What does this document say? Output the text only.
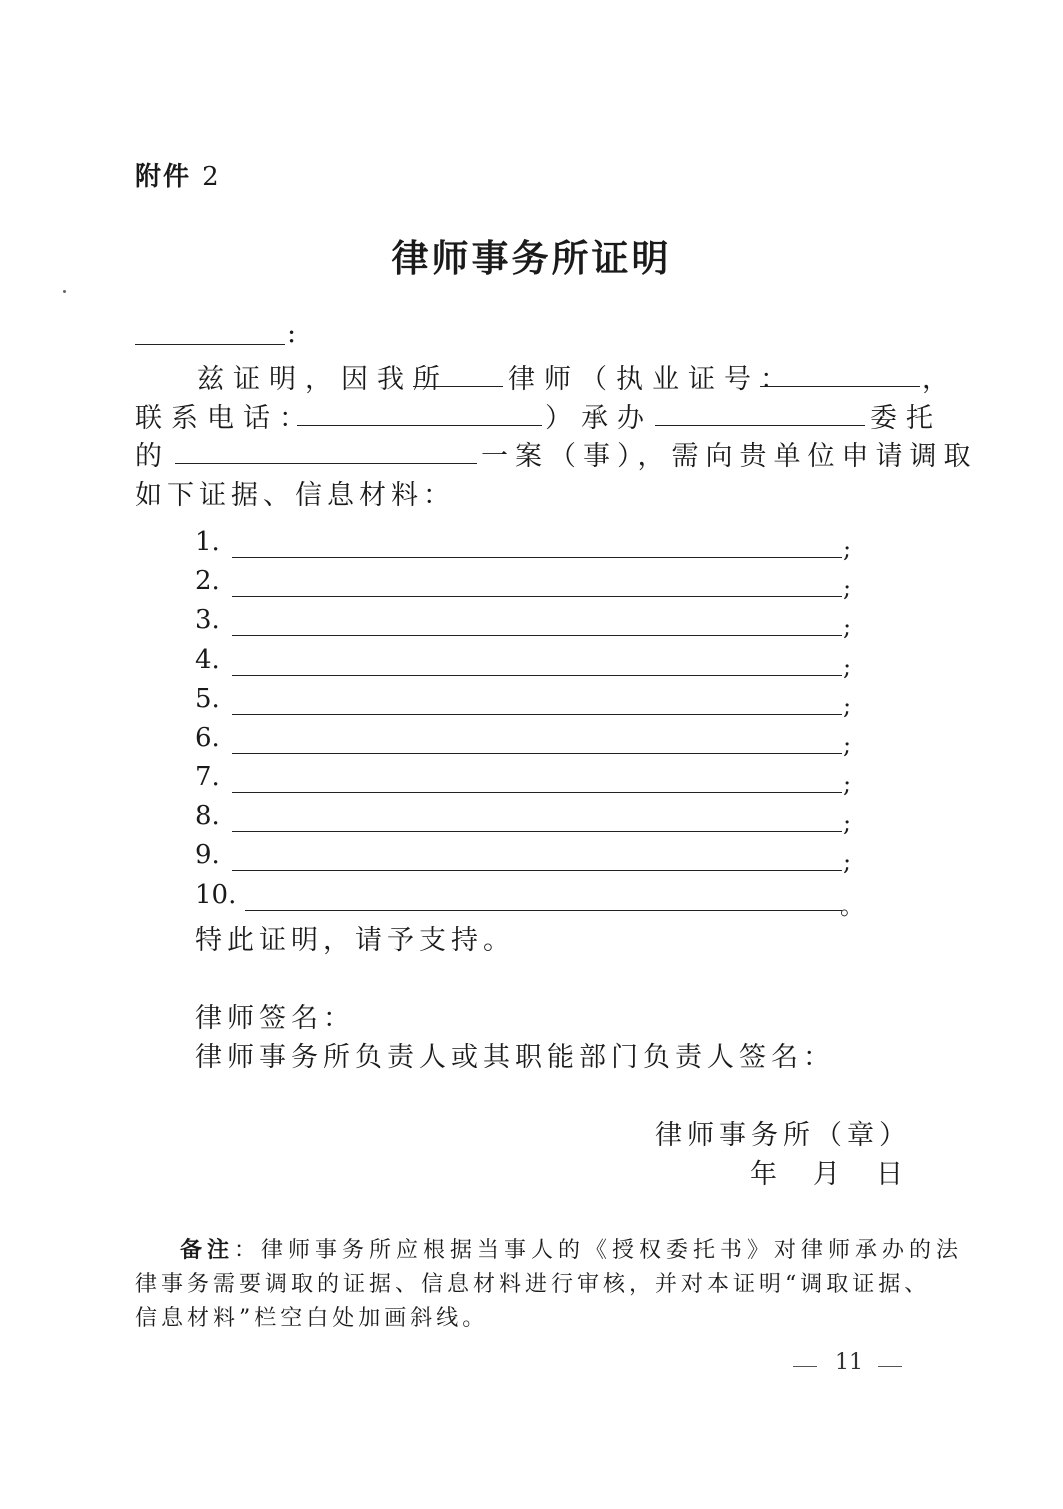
附件 2
律师事务所证明
:
兹证明，因我所 律师（执业证号：	，
联系电话：	）承办	委托
的	一案（事），需向贵单位申请调取
如下证据、信息材料：
1.	;
2.	;
3.	;
4.	;
5.	;
6.	;
7.	;
8.	;
9.	;
10.	。
特此证明，请予支持。
律师签名：
律师事务所负责人或其职能部门负责人签名：
律师事务所（章）
年 月 日
备注：律师事务所应根据当事人的《授权委托书》对律师承办的法
律事务需要调取的证据、信息材料进行审核，并对本证明“调取证据、
信息材料”栏空白处加画斜线。
11
